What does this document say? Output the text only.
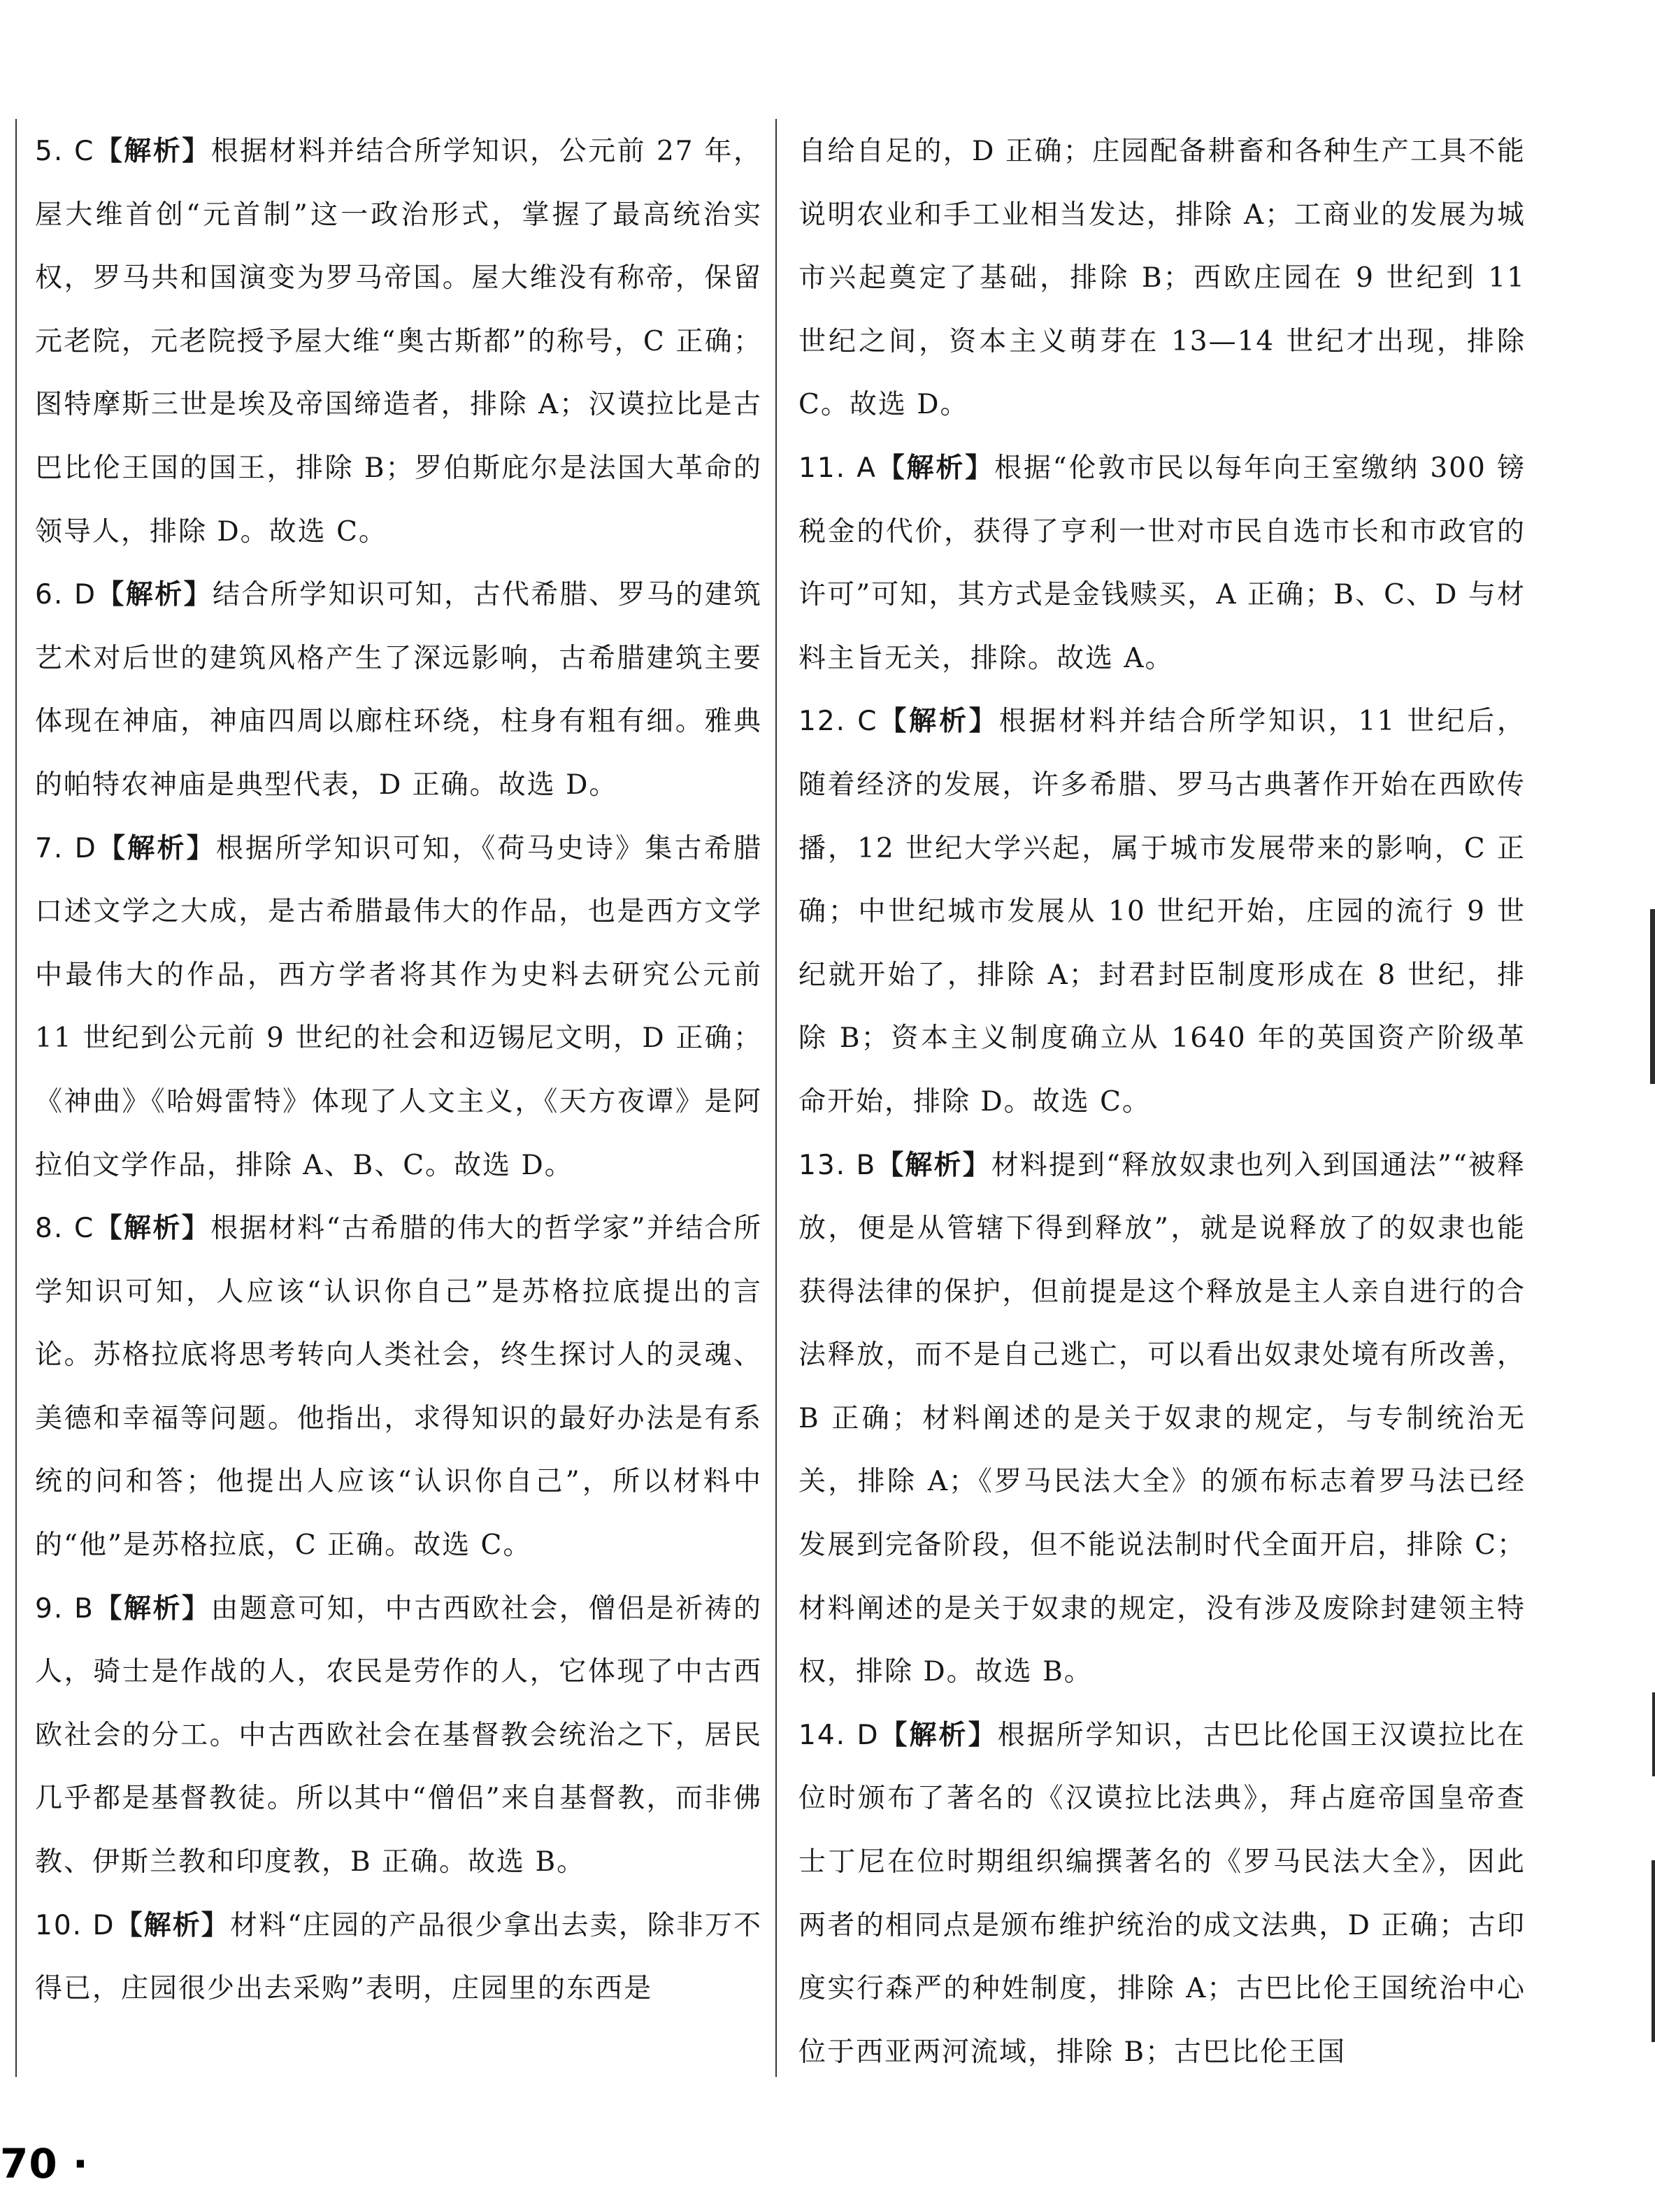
5. C【解析】根据材料并结合所学知识，公元前 27 年，屋大维首创“元首制”这一政治形式，掌握了最高统治实权，罗马共和国演变为罗马帝国。屋大维没有称帝，保留元老院，元老院授予屋大维“奥古斯都”的称号，C 正确；图特摩斯三世是埃及帝国缔造者，排除 A；汉谟拉比是古巴比伦王国的国王，排除 B；罗伯斯庇尔是法国大革命的领导人，排除 D。故选 C。

6. D【解析】结合所学知识可知，古代希腊、罗马的建筑艺术对后世的建筑风格产生了深远影响，古希腊建筑主要体现在神庙，神庙四周以廊柱环绕，柱身有粗有细。雅典的帕特农神庙是典型代表，D 正确。故选 D。

7. D【解析】根据所学知识可知，《荷马史诗》集古希腊口述文学之大成，是古希腊最伟大的作品，也是西方文学中最伟大的作品，西方学者将其作为史料去研究公元前 11 世纪到公元前 9 世纪的社会和迈锡尼文明，D 正确；《神曲》《哈姆雷特》体现了人文主义，《天方夜谭》是阿拉伯文学作品，排除 A、B、C。故选 D。

8. C【解析】根据材料“古希腊的伟大的哲学家”并结合所学知识可知，人应该“认识你自己”是苏格拉底提出的言论。苏格拉底将思考转向人类社会，终生探讨人的灵魂、美德和幸福等问题。他指出，求得知识的最好办法是有系统的问和答；他提出人应该“认识你自己”，所以材料中的“他”是苏格拉底，C 正确。故选 C。

9. B【解析】由题意可知，中古西欧社会，僧侣是祈祷的人，骑士是作战的人，农民是劳作的人，它体现了中古西欧社会的分工。中古西欧社会在基督教会统治之下，居民几乎都是基督教徒。所以其中“僧侣”来自基督教，而非佛教、伊斯兰教和印度教，B 正确。故选 B。

10. D【解析】材料“庄园的产品很少拿出去卖，除非万不得已，庄园很少出去采购”表明，庄园里的东西是

自给自足的，D 正确；庄园配备耕畜和各种生产工具不能说明农业和手工业相当发达，排除 A；工商业的发展为城市兴起奠定了基础，排除 B；西欧庄园在 9 世纪到 11 世纪之间，资本主义萌芽在 13—14 世纪才出现，排除 C。故选 D。

11. A【解析】根据“伦敦市民以每年向王室缴纳 300 镑税金的代价，获得了亨利一世对市民自选市长和市政官的许可”可知，其方式是金钱赎买，A 正确；B、C、D 与材料主旨无关，排除。故选 A。

12. C【解析】根据材料并结合所学知识，11 世纪后，随着经济的发展，许多希腊、罗马古典著作开始在西欧传播，12 世纪大学兴起，属于城市发展带来的影响，C 正确；中世纪城市发展从 10 世纪开始，庄园的流行 9 世纪就开始了，排除 A；封君封臣制度形成在 8 世纪，排除 B；资本主义制度确立从 1640 年的英国资产阶级革命开始，排除 D。故选 C。

13. B【解析】材料提到“释放奴隶也列入到国通法”“被释放，便是从管辖下得到释放”，就是说释放了的奴隶也能获得法律的保护，但前提是这个释放是主人亲自进行的合法释放，而不是自己逃亡，可以看出奴隶处境有所改善，B 正确；材料阐述的是关于奴隶的规定，与专制统治无关，排除 A；《罗马民法大全》的颁布标志着罗马法已经发展到完备阶段，但不能说法制时代全面开启，排除 C；材料阐述的是关于奴隶的规定，没有涉及废除封建领主特权，排除 D。故选 B。

14. D【解析】根据所学知识，古巴比伦国王汉谟拉比在位时颁布了著名的《汉谟拉比法典》，拜占庭帝国皇帝查士丁尼在位时期组织编撰著名的《罗马民法大全》，因此两者的相同点是颁布维护统治的成文法典，D 正确；古印度实行森严的种姓制度，排除 A；古巴比伦王国统治中心位于西亚两河流域，排除 B；古巴比伦王国

70 ·
